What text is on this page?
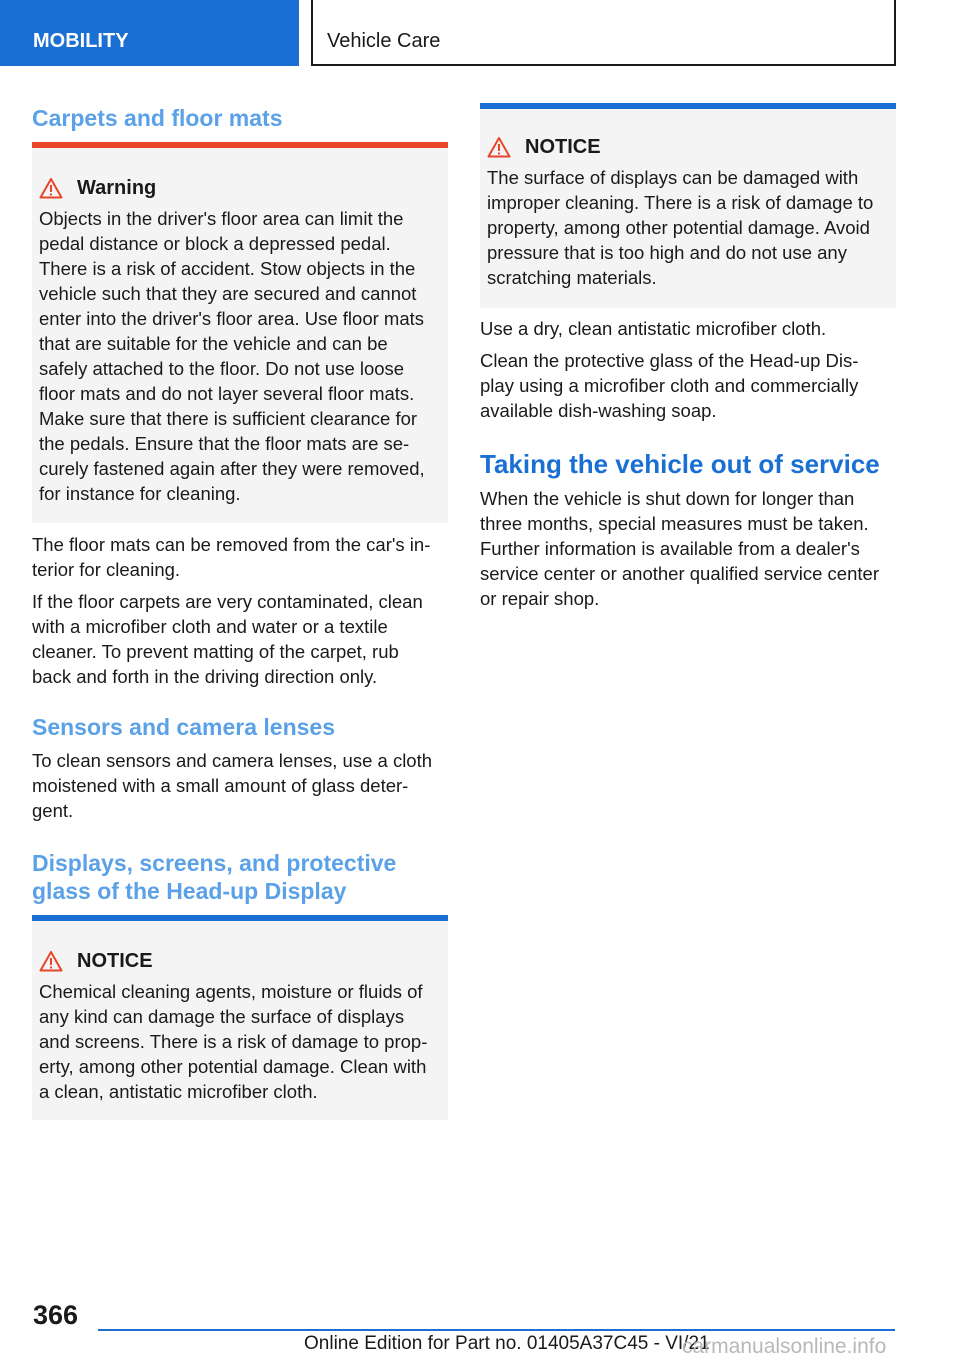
MOBILITY	Vehicle Care
Carpets and floor mats
Warning
Objects in the driver's floor area can limit the
pedal distance or block a depressed pedal.
There is a risk of accident. Stow objects in the
vehicle such that they are secured and cannot
enter into the driver's floor area. Use floor mats
that are suitable for the vehicle and can be
safely attached to the floor. Do not use loose
floor mats and do not layer several floor mats.
Make sure that there is sufficient clearance for
the pedals. Ensure that the floor mats are se-
curely fastened again after they were removed,
for instance for cleaning.
The floor mats can be removed from the car's in-
terior for cleaning.
If the floor carpets are very contaminated, clean
with a microfiber cloth and water or a textile
cleaner. To prevent matting of the carpet, rub
back and forth in the driving direction only.
Sensors and camera lenses
To clean sensors and camera lenses, use a cloth
moistened with a small amount of glass deter-
gent.
Displays, screens, and protective
glass of the Head-up Display
NOTICE
Chemical cleaning agents, moisture or fluids of
any kind can damage the surface of displays
and screens. There is a risk of damage to prop-
erty, among other potential damage. Clean with
a clean, antistatic microfiber cloth.
NOTICE
The surface of displays can be damaged with
improper cleaning. There is a risk of damage to
property, among other potential damage. Avoid
pressure that is too high and do not use any
scratching materials.
Use a dry, clean antistatic microfiber cloth.
Clean the protective glass of the Head-up Dis-
play using a microfiber cloth and commercially
available dish-washing soap.
Taking the vehicle out of service
When the vehicle is shut down for longer than
three months, special measures must be taken.
Further information is available from a dealer's
service center or another qualified service center
or repair shop.
366
Online Edition for Part no. 01405A37C45 - VI/21
carmanualsonline.info
